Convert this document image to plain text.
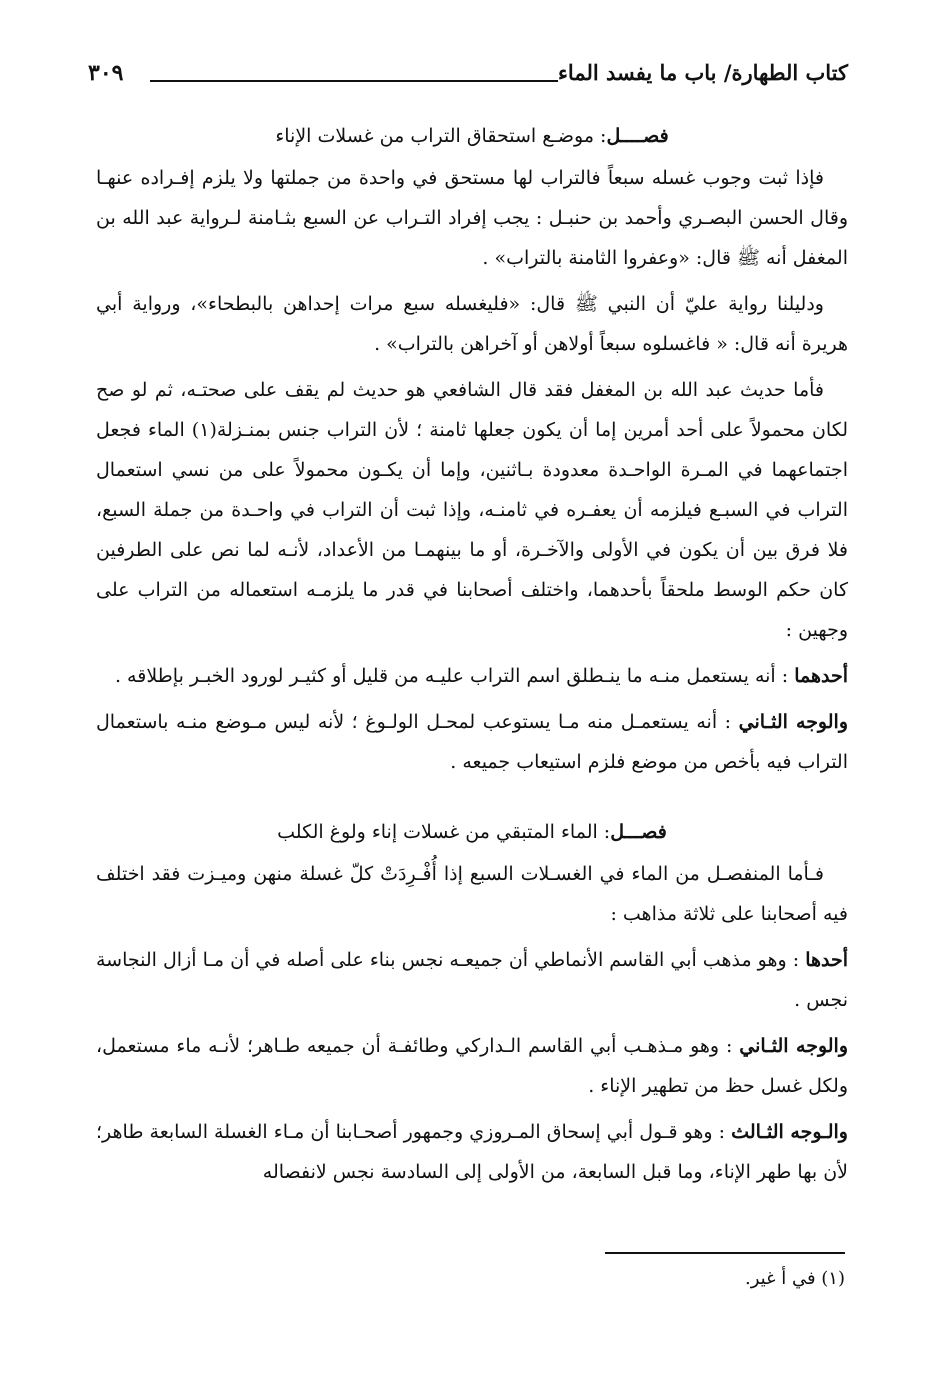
كتاب الطهارة/ باب ما يفسد الماء
٣٠٩
فصــــل: موضـع استحقاق التراب من غسلات الإناء

فإذا ثبت وجوب غسله سبعاً فالتراب لها مستحق في واحدة من جملتها ولا يلزم إفـراده عنهـا وقال الحسن البصـري وأحمد بن حنبـل : يجب إفراد التـراب عن السبع بثـامنة لـرواية عبد الله بن المغفل أنه ﷺ قال: «وعفروا الثامنة بالتراب» .

ودليلنا رواية عليّ أن النبي ﷺ قال: «فليغسله سبع مرات إحداهن بالبطحاء»، ورواية أبي هريرة أنه قال: « فاغسلوه سبعاً أولاهن أو آخراهن بالتراب» .

فأما حديث عبد الله بن المغفل فقد قال الشافعي هو حديث لم يقف على صحتـه، ثم لو صح لكان محمولاً على أحد أمرين إما أن يكون جعلها ثامنة ؛ لأن التراب جنس بمنـزلة(١) الماء فجعل اجتماعهما في المـرة الواحـدة معدودة بـاثنين، وإما أن يكـون محمولاً على من نسي استعمال التراب في السبـع فيلزمه أن يعفـره في ثامنـه، وإذا ثبت أن التراب في واحـدة من جملة السبع، فلا فرق بين أن يكون في الأولى والآخـرة، أو ما بينهمـا من الأعداد، لأنـه لما نص على الطرفين كان حكم الوسط ملحقاً بأحدهما، واختلف أصحابنا في قدر ما يلزمـه استعماله من التراب على وجهين :

أحدهما : أنه يستعمل منـه ما ينـطلق اسم التراب عليـه من قليل أو كثيـر لورود الخبـر بإطلاقه .

والوجه الثـاني : أنه يستعمـل منه مـا يستوعب لمحـل الولـوغ ؛ لأنه ليس مـوضع منـه باستعمال التراب فيه بأخص من موضع فلزم استيعاب جميعه .

فصـــل: الماء المتبقي من غسلات إناء ولوغ الكلب

فـأما المنفصـل من الماء في الغسـلات السبع إذا أُفْـرِدَتْ كلّ غسلة منهن وميـزت فقد اختلف فيه أصحابنا على ثلاثة مذاهب :

أحدها : وهو مذهب أبي القاسم الأنماطي أن جميعـه نجس بناء على أصله في أن مـا أزال النجاسة نجس .

والوجه الثـاني : وهو مـذهـب أبي القاسم الـداركي وطائفـة أن جميعه طـاهر؛ لأنـه ماء مستعمل، ولكل غسل حظ من تطهير الإناء .

والـوجه الثـالث : وهو قـول أبي إسحاق المـروزي وجمهور أصحـابنا أن مـاء الغسلة السابعة طاهر؛ لأن بها طهر الإناء، وما قبل السابعة، من الأولى إلى السادسة نجس لانفصاله

(١) في أ غير.
